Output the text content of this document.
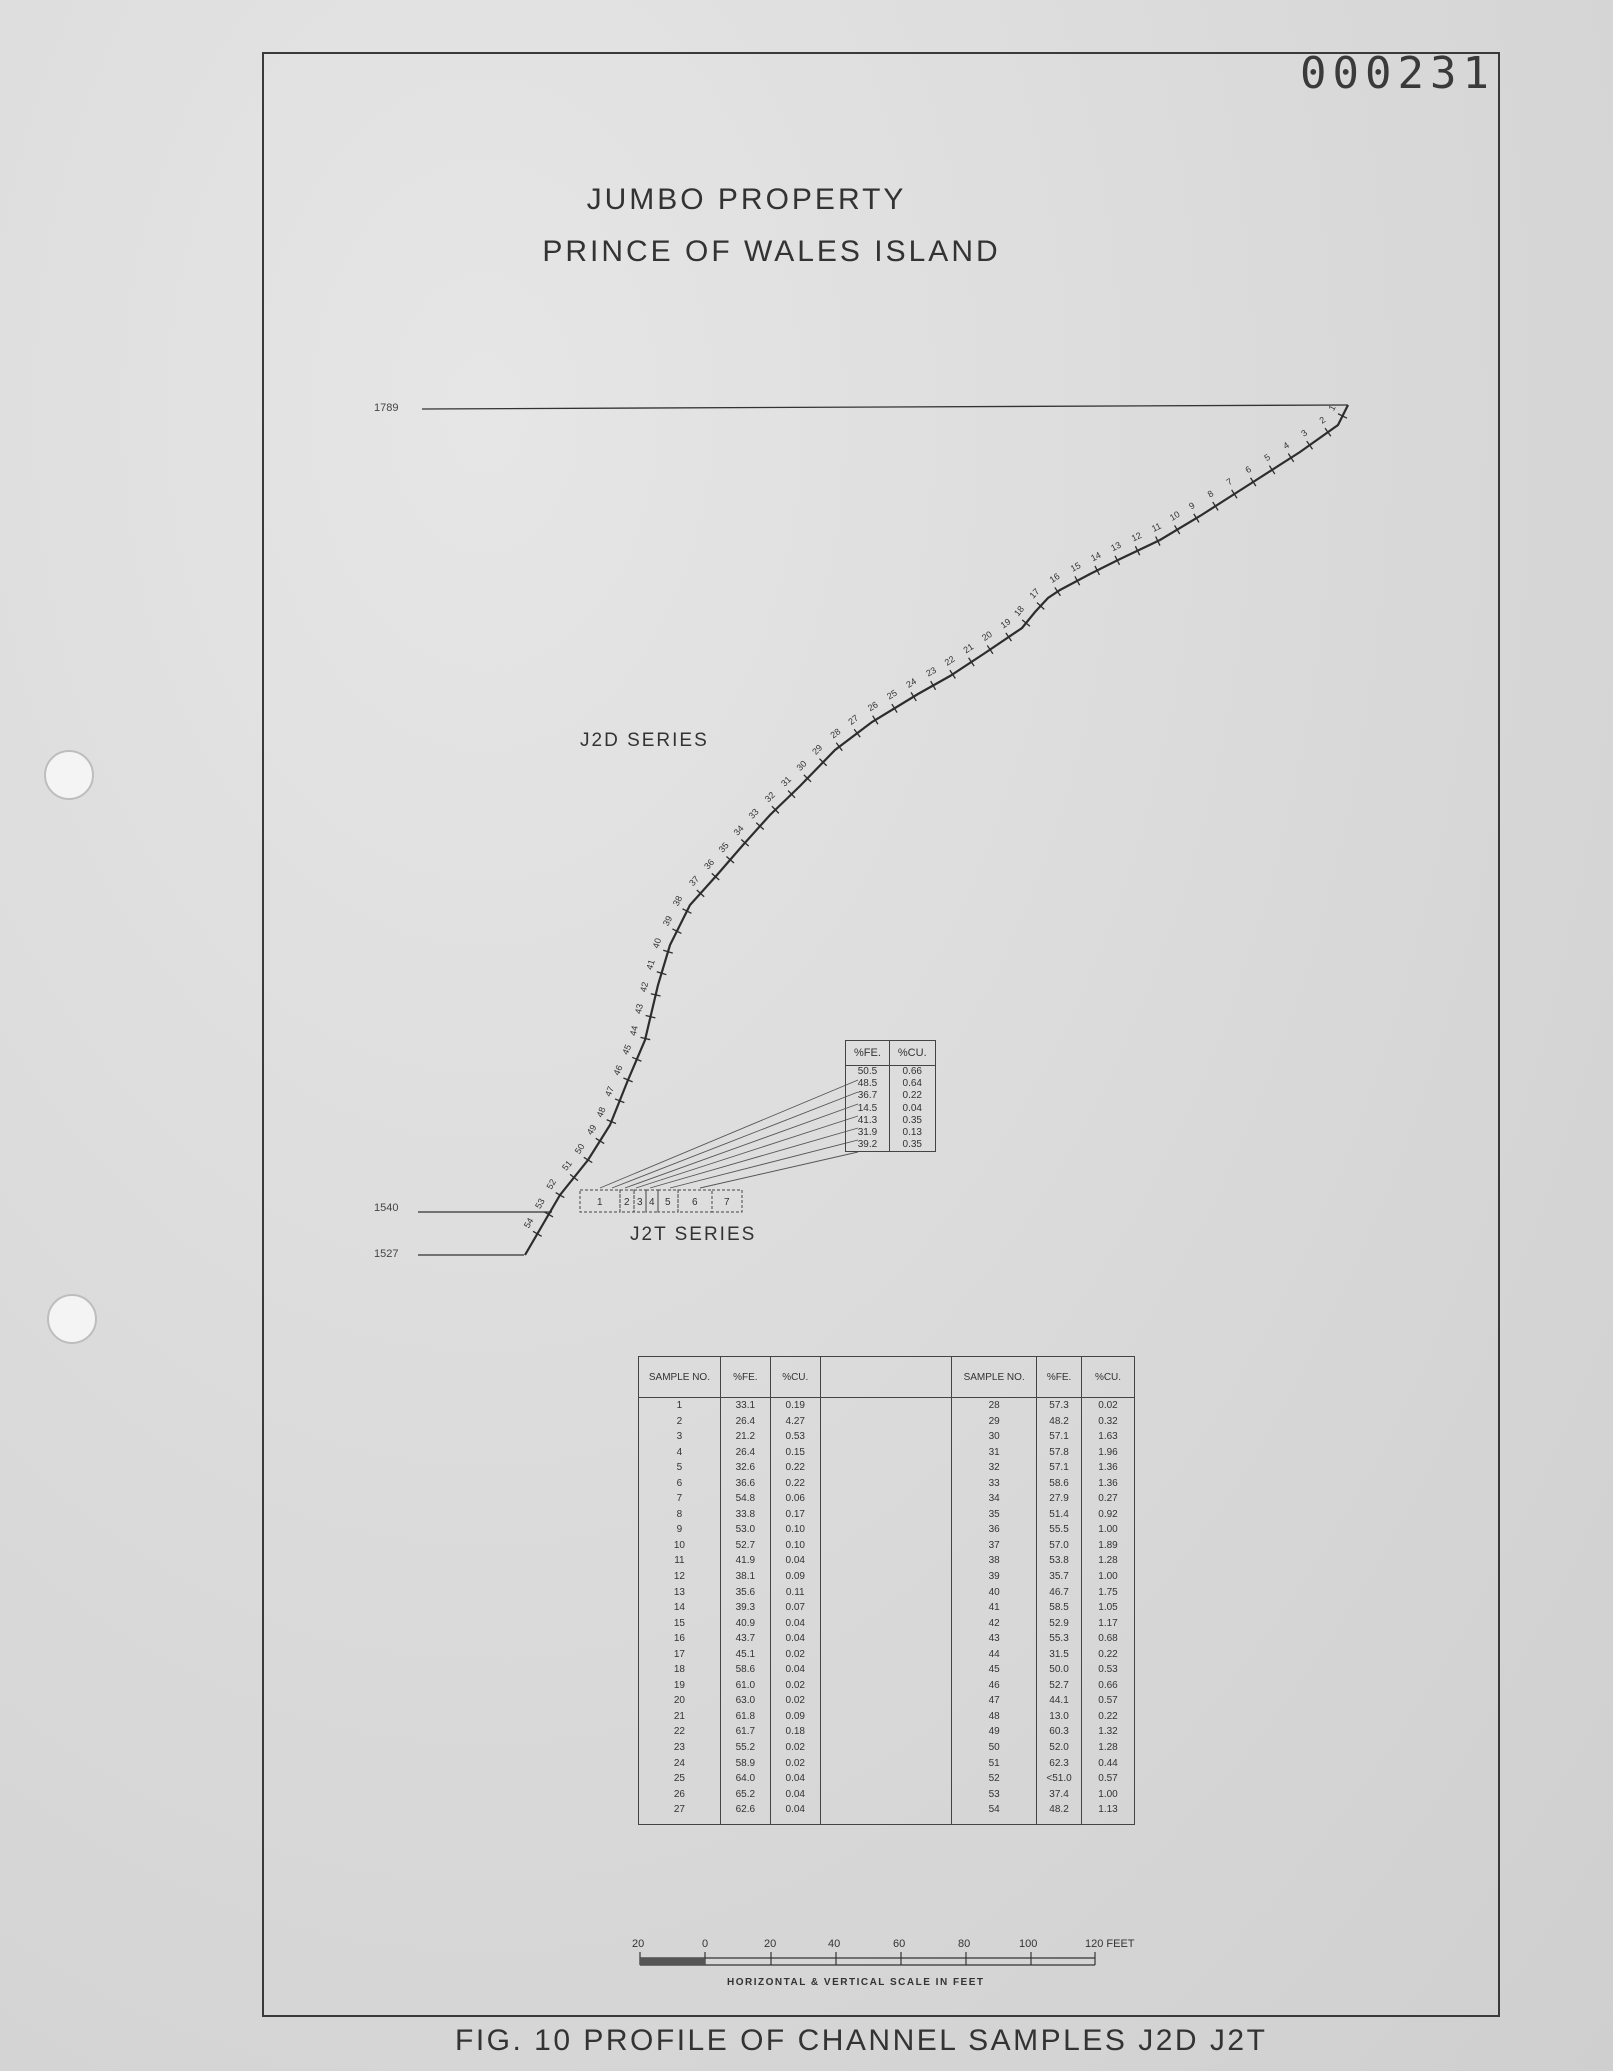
000231
JUMBO PROPERTY
PRINCE OF WALES ISLAND
1789
1540
1527
J2D SERIES
J2T SERIES
1
2
3
4
5
6
7
8
9
10
11
12
13
14
15
16
17
18
19
20
21
22
23
24
25
26
27
28
29
30
31
32
33
34
35
36
37
38
39
40
41
42
43
44
45
46
47
48
49
50
51
52
53
54
1 2 3 4 5 6	7
%FE.	%CU.
50.5	0.66
48.5	0.64
36.7	0.22
14.5	0.04
41.3	0.35
31.9	0.13
39.2	0.35
SAMPLE NO.	%FE.	%CU.		SAMPLE NO.	%FE.	%CU.
1	33.1	0.19		28	57.3	0.02
2	26.4	4.27		29	48.2	0.32
3	21.2	0.53		30	57.1	1.63
4	26.4	0.15		31	57.8	1.96
5	32.6	0.22		32	57.1	1.36
6	36.6	0.22		33	58.6	1.36
7	54.8	0.06		34	27.9	0.27
8	33.8	0.17		35	51.4	0.92
9	53.0	0.10		36	55.5	1.00
10	52.7	0.10		37	57.0	1.89
11	41.9	0.04		38	53.8	1.28
12	38.1	0.09		39	35.7	1.00
13	35.6	0.11		40	46.7	1.75
14	39.3	0.07		41	58.5	1.05
15	40.9	0.04		42	52.9	1.17
16	43.7	0.04		43	55.3	0.68
17	45.1	0.02		44	31.5	0.22
18	58.6	0.04		45	50.0	0.53
19	61.0	0.02		46	52.7	0.66
20	63.0	0.02		47	44.1	0.57
21	61.8	0.09		48	13.0	0.22
22	61.7	0.18		49	60.3	1.32
23	55.2	0.02		50	52.0	1.28
24	58.9	0.02		51	62.3	0.44
25	64.0	0.04		52	<51.0	0.57
26	65.2	0.04		53	37.4	1.00
27	62.6	0.04		54	48.2	1.13

20	0	20	40	60	80	100	120 FEET
HORIZONTAL & VERTICAL SCALE IN FEET
FIG. 10 PROFILE OF CHANNEL SAMPLES J2D J2T
